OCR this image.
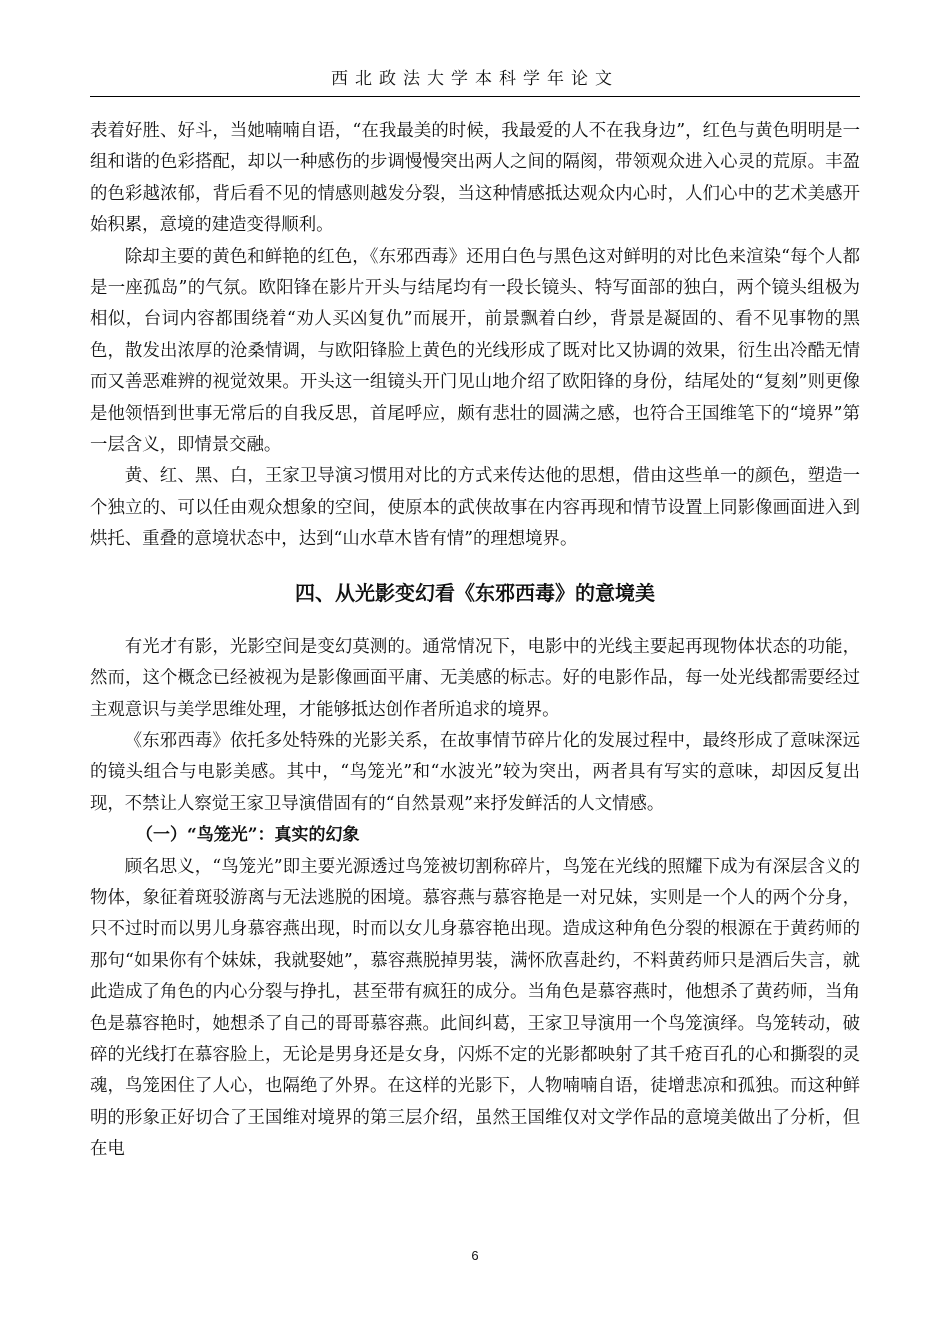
西北政法大学本科学年论文

表着好胜、好斗，当她喃喃自语，“在我最美的时候，我最爱的人不在我身边”，红色与黄色明明是一组和谐的色彩搭配，却以一种感伤的步调慢慢突出两人之间的隔阂，带领观众进入心灵的荒原。丰盈的色彩越浓郁，背后看不见的情感则越发分裂，当这种情感抵达观众内心时，人们心中的艺术美感开始积累，意境的建造变得顺利。

除却主要的黄色和鲜艳的红色，《东邪西毒》还用白色与黑色这对鲜明的对比色来渲染“每个人都是一座孤岛”的气氛。欧阳锋在影片开头与结尾均有一段长镜头、特写面部的独白，两个镜头组极为相似，台词内容都围绕着“劝人买凶复仇”而展开，前景飘着白纱，背景是凝固的、看不见事物的黑色，散发出浓厚的沧桑情调，与欧阳锋脸上黄色的光线形成了既对比又协调的效果，衍生出冷酷无情而又善恶难辨的视觉效果。开头这一组镜头开门见山地介绍了欧阳锋的身份，结尾处的“复刻”则更像是他领悟到世事无常后的自我反思，首尾呼应，颇有悲壮的圆满之感，也符合王国维笔下的“境界”第一层含义，即情景交融。

黄、红、黑、白，王家卫导演习惯用对比的方式来传达他的思想，借由这些单一的颜色，塑造一个独立的、可以任由观众想象的空间，使原本的武侠故事在内容再现和情节设置上同影像画面进入到烘托、重叠的意境状态中，达到“山水草木皆有情”的理想境界。

四、从光影变幻看《东邪西毒》的意境美

有光才有影，光影空间是变幻莫测的。通常情况下，电影中的光线主要起再现物体状态的功能，然而，这个概念已经被视为是影像画面平庸、无美感的标志。好的电影作品，每一处光线都需要经过主观意识与美学思维处理，才能够抵达创作者所追求的境界。

《东邪西毒》依托多处特殊的光影关系，在故事情节碎片化的发展过程中，最终形成了意味深远的镜头组合与电影美感。其中，“鸟笼光”和“水波光”较为突出，两者具有写实的意味，却因反复出现，不禁让人察觉王家卫导演借固有的“自然景观”来抒发鲜活的人文情感。

（一）“鸟笼光”：真实的幻象

顾名思义，“鸟笼光”即主要光源透过鸟笼被切割称碎片，鸟笼在光线的照耀下成为有深层含义的物体，象征着斑驳游离与无法逃脱的困境。慕容燕与慕容艳是一对兄妹，实则是一个人的两个分身，只不过时而以男儿身慕容燕出现，时而以女儿身慕容艳出现。造成这种角色分裂的根源在于黄药师的那句“如果你有个妹妹，我就娶她”，慕容燕脱掉男装，满怀欣喜赴约，不料黄药师只是酒后失言，就此造成了角色的内心分裂与挣扎，甚至带有疯狂的成分。当角色是慕容燕时，他想杀了黄药师，当角色是慕容艳时，她想杀了自己的哥哥慕容燕。此间纠葛，王家卫导演用一个鸟笼演绎。鸟笼转动，破碎的光线打在慕容脸上，无论是男身还是女身，闪烁不定的光影都映射了其千疮百孔的心和撕裂的灵魂，鸟笼困住了人心，也隔绝了外界。在这样的光影下，人物喃喃自语，徒增悲凉和孤独。而这种鲜明的形象正好切合了王国维对境界的第三层介绍，虽然王国维仅对文学作品的意境美做出了分析，但在电

6
